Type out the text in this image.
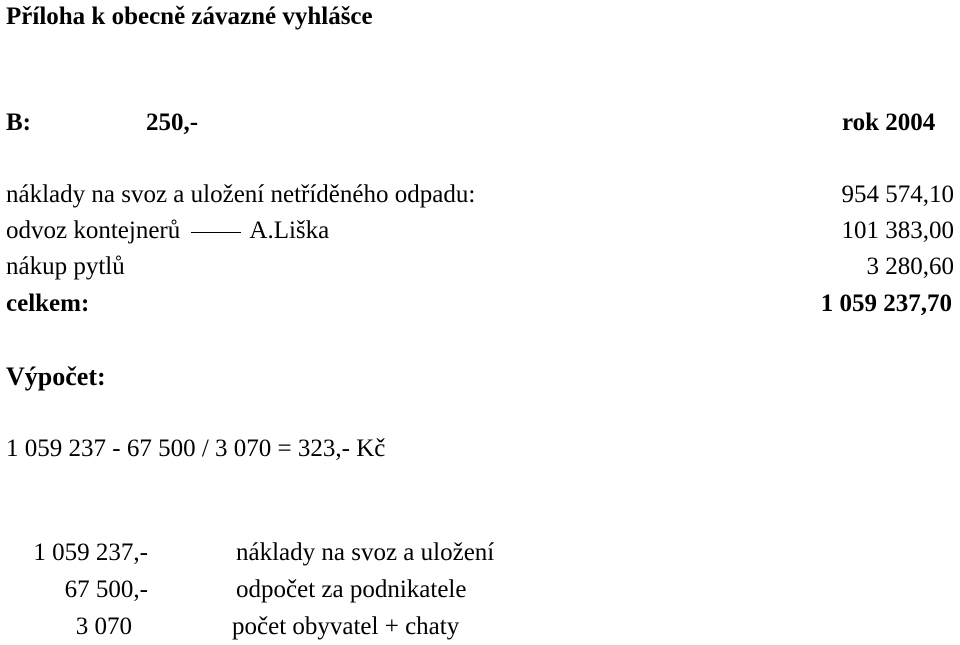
Příloha k obecně závazné vyhlášce
B:	250,-	rok 2004
náklady na svoz a uložení netříděného odpadu:	954 574,10
odvoz kontejnerů  A.Liška	101 383,00
nákup pytlů	3 280,60
celkem:	1 059 237,70
Výpočet:
1 059 237 - 67 500 / 3 070 = 323,- Kč
1 059 237,-	náklady na svoz a uložení
67 500,-	odpočet za podnikatele
3 070	počet obyvatel + chaty
